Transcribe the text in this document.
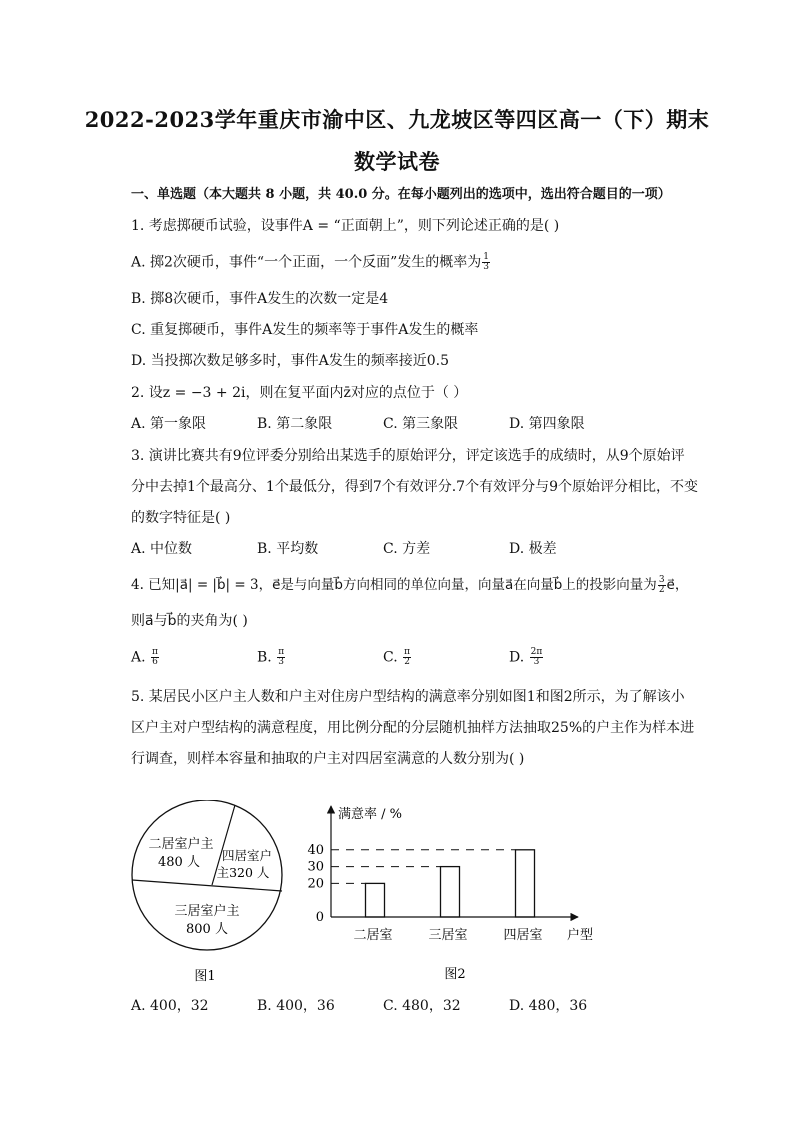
2022-2023学年重庆市渝中区、九龙坡区等四区高一（下）期末
数学试卷
一、单选题（本大题共 8 小题，共 40.0 分。在每小题列出的选项中，选出符合题目的一项）
1. 考虑掷硬币试验，设事件A = “正面朝上”，则下列论述正确的是( )
A. 掷2次硬币，事件“一个正面，一个反面”发生的概率为 $\frac{1}{3}$
B. 掷8次硬币，事件A发生的次数一定是4
C. 重复掷硬币，事件A发生的频率等于事件A发生的概率
D. 当投掷次数足够多时，事件A发生的频率接近0.5
2. 设z = −3 + 2i，则在复平面内z̄对应的点位于（ ）
A. 第一象限	B. 第二象限	C. 第三象限	D. 第四象限
3. 演讲比赛共有9位评委分别给出某选手的原始评分，评定该选手的成绩时，从9个原始评
分中去掉1个最高分、1个最低分，得到7个有效评分.7个有效评分与9个原始评分相比，不变
的数字特征是( )
A. 中位数	B. 平均数	C. 方差	D. 极差
4. 已知|a⃗| = |b⃗| = 3，e⃗是与向量b⃗方向相同的单位向量，向量a⃗在向量b⃗上的投影向量为 $\frac{3}{2}$ e⃗，
则a⃗与b⃗的夹角为( )
A. $\frac{\pi}{6}$	B. $\frac{\pi}{3}$	C. $\frac{\pi}{2}$	D. $\frac{2\pi}{3}$
5. 某居民小区户主人数和户主对住房户型结构的满意率分别如图1和图2所示，为了解该小
区户主对户型结构的满意程度，用比例分配的分层随机抽样方法抽取25%的户主作为样本进
行调查，则样本容量和抽取的户主对四居室满意的人数分别为( )
二居室户主
480 人 四居室户
主320 人
三居室户主
800 人
图1
满意率 / %
户型
图2
0
20
30
40
二居室	三居室	四居室
A. 400，32	B. 400，36	C. 480，32	D. 480，36
